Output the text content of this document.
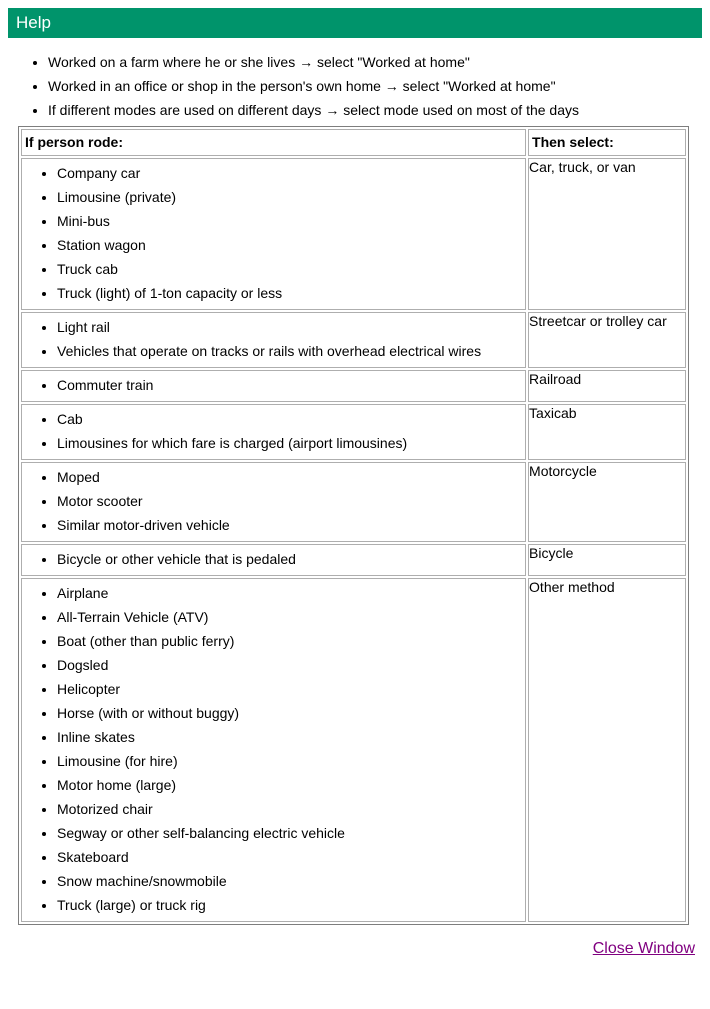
Help
• Worked on a farm where he or she lives → select "Worked at home"
• Worked in an office or shop in the person's own home → select "Worked at home"
• If different modes are used on different days → select mode used on most of the days
If person rode:	Then select:

• Company car
• Limousine (private)
• Mini-bus
• Station wagon
• Truck cab
• Truck (light) of 1-ton capacity or less
	Car, truck, or van

• Light rail
• Vehicles that operate on tracks or rails with overhead electrical wires
	Streetcar or trolley car

• Commuter train	Railroad

• Cab
• Limousines for which fare is charged (airport limousines)
	Taxicab

• Moped
• Motor scooter
• Similar motor-driven vehicle
	Motorcycle

• Bicycle or other vehicle that is pedaled	Bicycle

• Airplane
• All-Terrain Vehicle (ATV)
• Boat (other than public ferry)
• Dogsled
• Helicopter
• Horse (with or without buggy)
• Inline skates
• Limousine (for hire)
• Motor home (large)
• Motorized chair
• Segway or other self-balancing electric vehicle
• Skateboard
• Snow machine/snowmobile
• Truck (large) or truck rig
	Other method
Close Window
